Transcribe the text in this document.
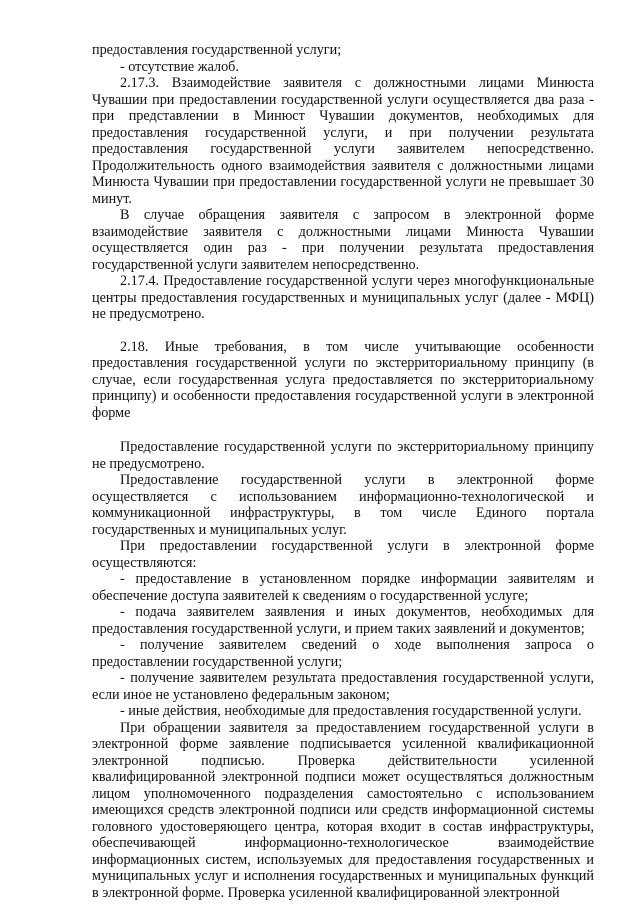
предоставления государственной услуги;

- отсутствие жалоб.

2.17.3. Взаимодействие заявителя с должностными лицами Минюста Чувашии при предоставлении государственной услуги осуществляется два раза - при представлении в Минюст Чувашии документов, необходимых для предоставления государственной услуги, и при получении результата предоставления государственной услуги заявителем непосредственно. Продолжительность одного взаимодействия заявителя с должностными лицами Минюста Чувашии при предоставлении государственной услуги не превышает 30 минут.

В случае обращения заявителя с запросом в электронной форме взаимодействие заявителя с должностными лицами Минюста Чувашии осуществляется один раз - при получении результата предоставления государственной услуги заявителем непосредственно.

2.17.4. Предоставление государственной услуги через многофункциональные центры предоставления государственных и муниципальных услуг (далее - МФЦ) не предусмотрено.

2.18. Иные требования, в том числе учитывающие особенности предоставления государственной услуги по экстерриториальному принципу (в случае, если государственная услуга предоставляется по экстерриториальному принципу) и особенности предоставления государственной услуги в электронной форме

Предоставление государственной услуги по экстерриториальному принципу не предусмотрено.

Предоставление государственной услуги в электронной форме осуществляется с использованием информационно-технологической и коммуникационной инфраструктуры, в том числе Единого портала государственных и муниципальных услуг.

При предоставлении государственной услуги в электронной форме осуществляются:

- предоставление в установленном порядке информации заявителям и обеспечение доступа заявителей к сведениям о государственной услуге;

- подача заявителем заявления и иных документов, необходимых для предоставления государственной услуги, и прием таких заявлений и документов;

- получение заявителем сведений о ходе выполнения запроса о предоставлении государственной услуги;

- получение заявителем результата предоставления государственной услуги, если иное не установлено федеральным законом;

- иные действия, необходимые для предоставления государственной услуги.

При обращении заявителя за предоставлением государственной услуги в электронной форме заявление подписывается усиленной квалификационной электронной подписью. Проверка действительности усиленной квалифицированной электронной подписи может осуществляться должностным лицом уполномоченного подразделения самостоятельно с использованием имеющихся средств электронной подписи или средств информационной системы головного удостоверяющего центра, которая входит в состав инфраструктуры, обеспечивающей информационно-технологическое взаимодействие информационных систем, используемых для предоставления государственных и муниципальных услуг и исполнения государственных и муниципальных функций в электронной форме. Проверка усиленной квалифицированной электронной
